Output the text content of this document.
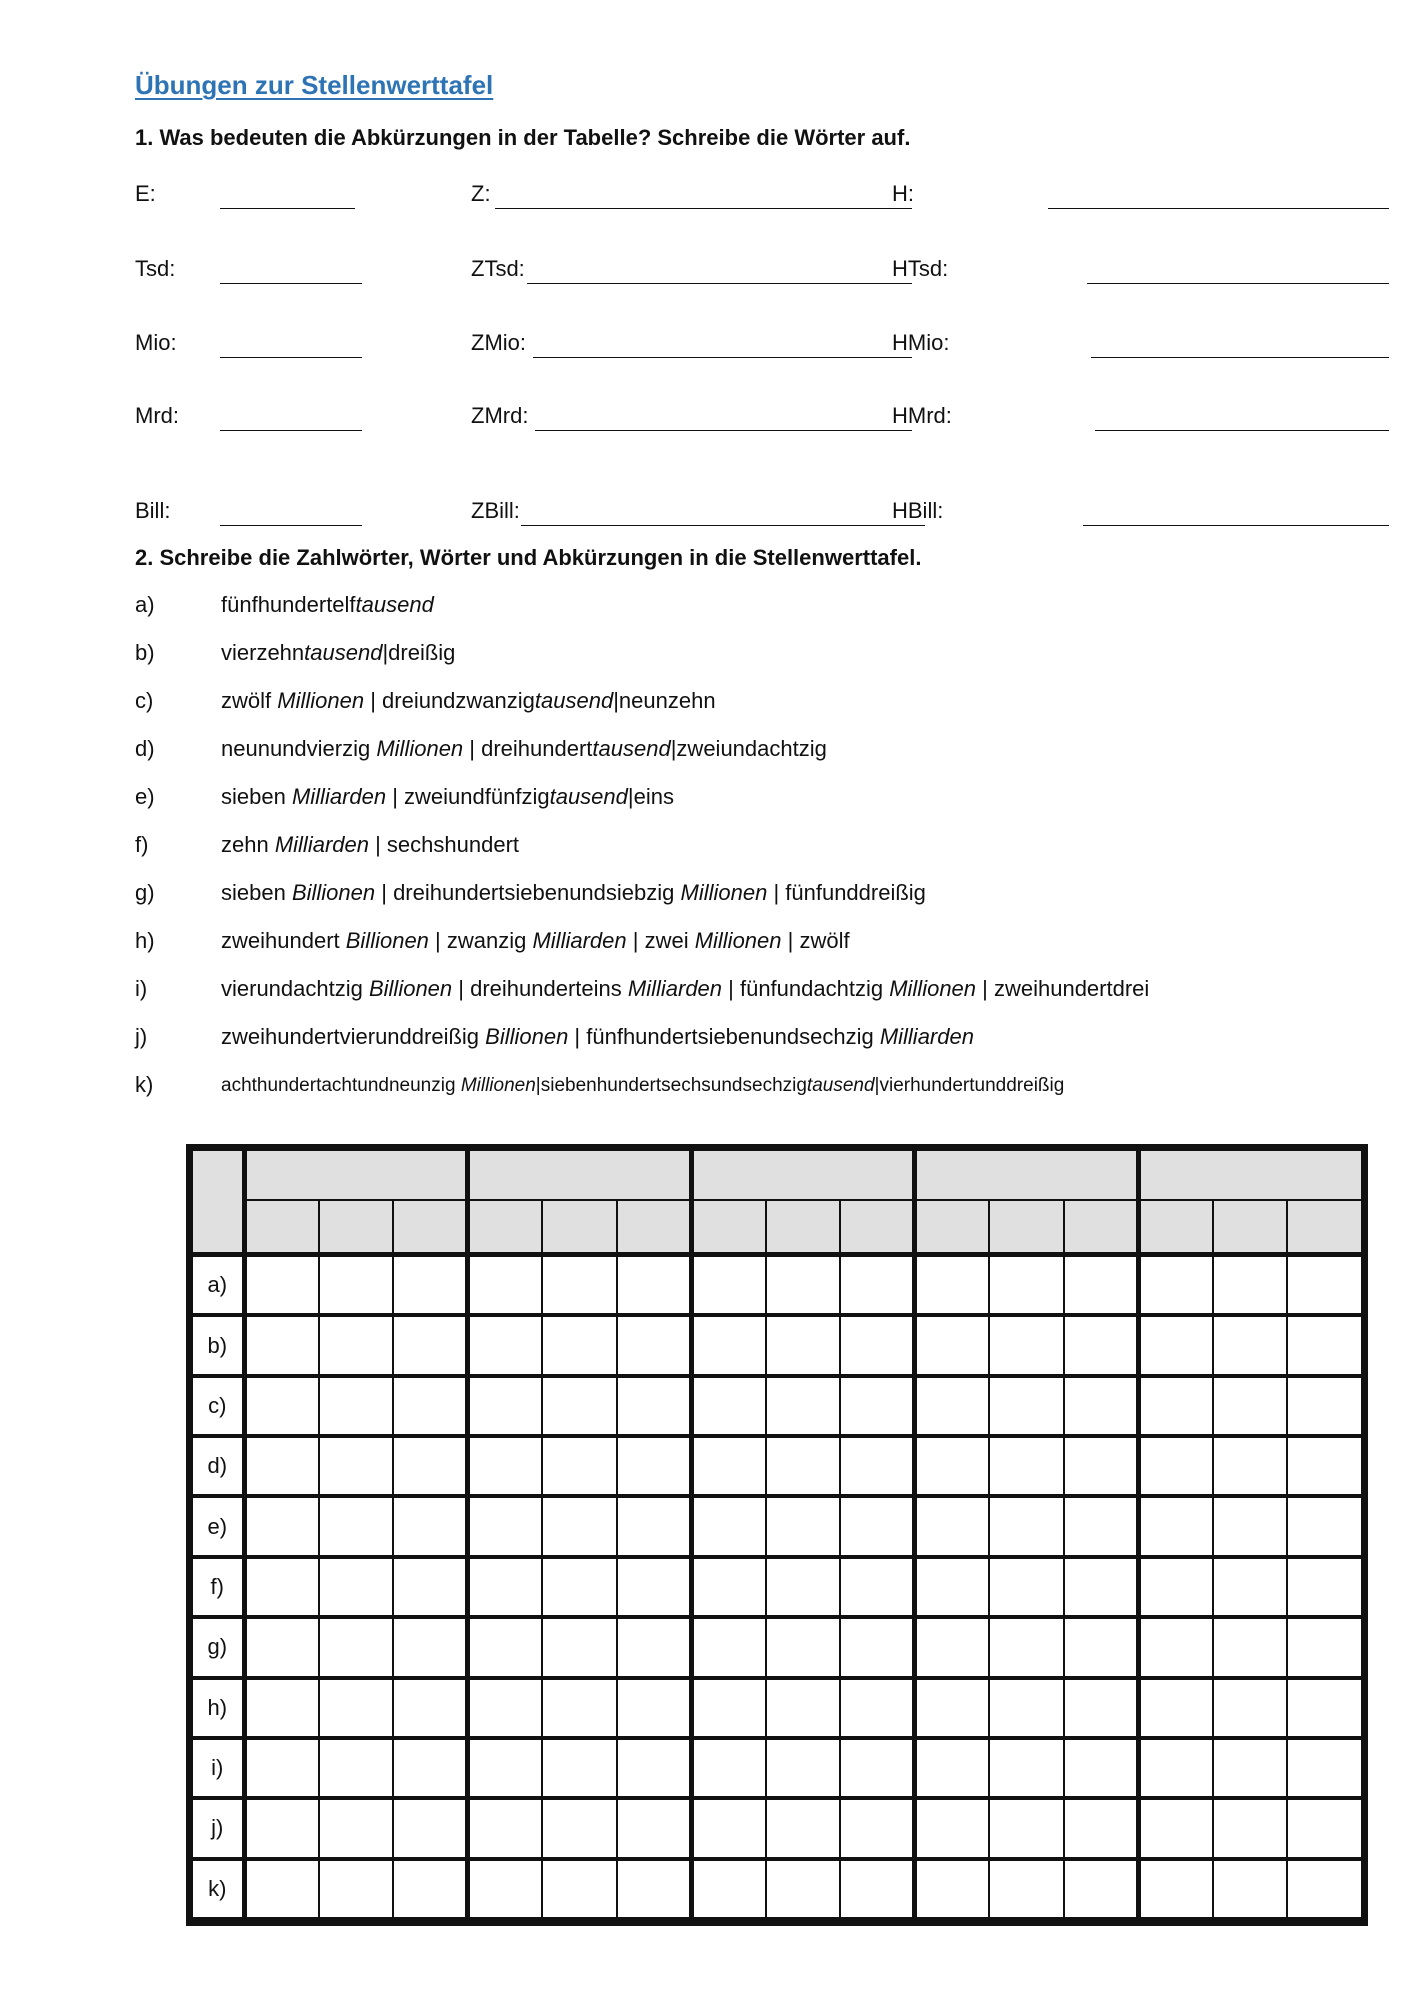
Übungen zur Stellenwerttafel
1. Was bedeuten die Abkürzungen in der Tabelle? Schreibe die Wörter auf.
E:	Z:	H:
Tsd:	ZTsd:	HTsd:
Mio:	ZMio:	HMio:
Mrd:	ZMrd:	HMrd:
Bill:	ZBill:	HBill:
2. Schreibe die Zahlwörter, Wörter und Abkürzungen in die Stellenwerttafel.
a)	fünfhundertelftausend
b)	vierzehntausend|dreißig
c)	zwölf Millionen | dreiundzwanzigtausend|neunzehn
d)	neunundvierzig Millionen | dreihunderttausend|zweiundachtzig
e)	sieben Milliarden | zweiundfünfzigtausend|eins
f)	zehn Milliarden | sechshundert
g)	sieben Billionen | dreihundertsiebenundsiebzig Millionen | fünfunddreißig
h)	zweihundert Billionen | zwanzig Milliarden | zwei Millionen | zwölf
i)	vierundachtzig Billionen | dreihunderteins Milliarden | fünfundachtzig Millionen | zweihundertdrei
j)	zweihundertvierunddreißig Billionen | fünfhundertsiebenundsechzig Milliarden
k)	achthundertachtundneunzig Millionen|siebenhundertsechsundsechzigtausend|vierhundertunddreißig

a)															
b)															
c)															
d)															
e)															
f)															
g)															
h)															
i)															
j)															
k)															
